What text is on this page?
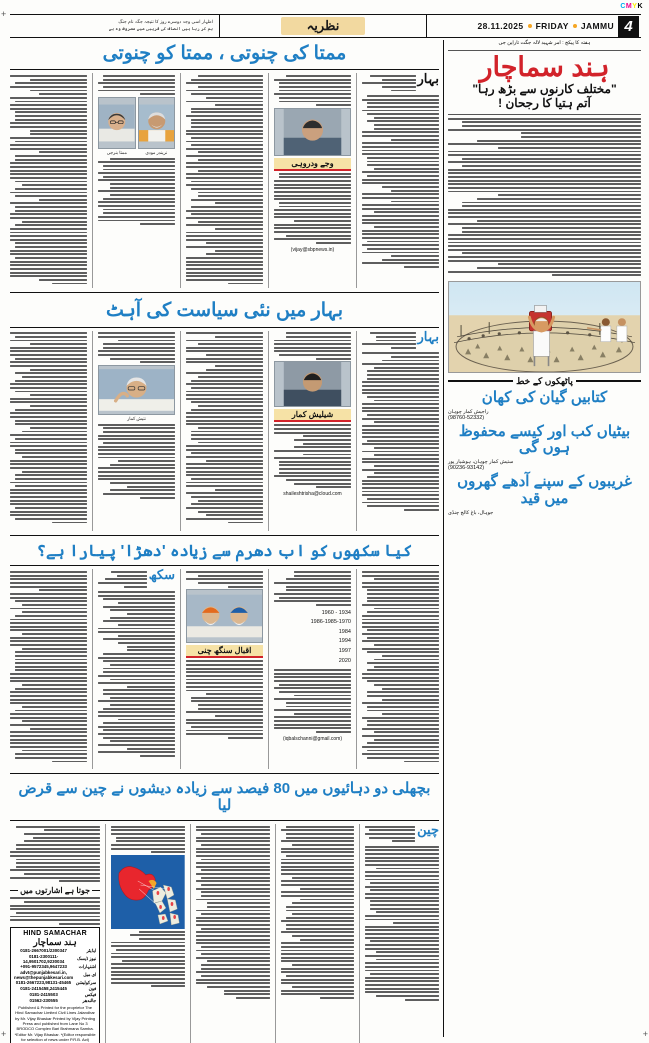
+
+	+
CMYK
اظہار اسی وجہ دوسرے روز کا نتیجہ جگہ نام جنگ
ہم کر رہا ہیں انصاف کی قریبی میں مصروف وہ ہے	نظریہ	28.11.2025 FRIDAY JAMMU 4
ہفتہ کا پیکج : امر شہید لالہ جگت تاراین جی
ہند سماچار
"مختلف کارنوں سے بڑھ رہا"
آتم ہتیا کا رجحان !
پاٹھکوں کے خط
کتابیں گیان کی کھان
راجیش کمار چوہان
(98760-52332)
بیٹیاں کب اور کیسے محفوظ ہوں گی
ستیش کمار چوہان، ہوشیار پور
(90236-93142)
غریبوں کے سپنے آدھے گھروں میں قید
جوہال، باغ کالج چنڈی
ممتا کی چنوتی ، ممتا کو چنوتی
بہار
وجے ودروہی
(vijay@sbpnews.in)
ممتا بنرجی	نریندر مودی
بہار میں نئی سیاست کی آہٹ
بہار
شیلیش کمار
shaileshtrisha@cloud.com
نتیش کمار
کیا سکھوں کو اب دھرم سے زیادہ 'دھڑا' پیارا ہے؟
1934 - 1960
1986-1985-1970
1984
1994
1997
2020
(iqbalschanni@gmail.com)
اقبال سنگھ چنی
سکھ
بچھلی دو دہائیوں میں 80 فیصد سے زیادہ دیشوں نے چین سے قرض لیا
چین
جوتا ہے اشارتوں میں
HIND SAMACHAR
ہند سماچار
ایڈیٹر
0181-2667001/2300347
نیوز ڈیسک
0181-2300111-14,9501702,9230034
اشتہارات
+091-9572345,9647233
ای میل
advt@punjabkesari.in, news@thepunjabkesari.com
سرکولیشن
0181-2667223,98131-45465
فون
0181-2415458,2415445
فیکس
0181-2415503
جالندھر
01562-230555
Published & Printed for the proprietor The Hind Samachar Limited Civil Lines Jalandhar by Mr. Vijay Bhaskar Printed by Vijay Printing Press and published from Lane No 3 BRODCO Complex Bari Brahmana Samba. *Editor Mr. Vijay Bhaskar. *(Editor responsible for selection of news under P.R.B. Act)
